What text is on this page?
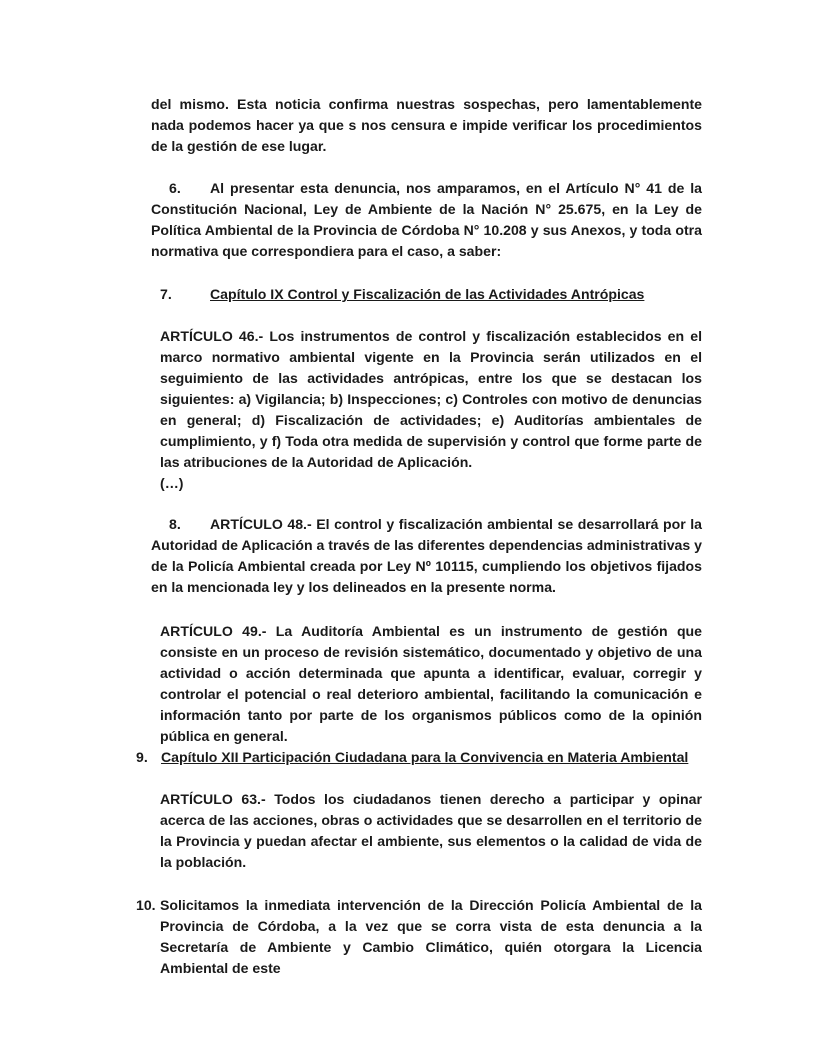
del mismo. Esta noticia confirma nuestras sospechas, pero lamentablemente nada podemos hacer ya que s nos censura e impide verificar los procedimientos de la gestión de ese lugar.

6. Al presentar esta denuncia, nos amparamos, en el Artículo N° 41 de la Constitución Nacional, Ley de Ambiente de la Nación N° 25.675, en la Ley de Política Ambiental de la Provincia de Córdoba N° 10.208 y sus Anexos, y toda otra normativa que correspondiera para el caso, a saber:
7.	Capítulo IX Control y Fiscalización de las Actividades Antrópicas

ARTÍCULO 46.- Los instrumentos de control y fiscalización establecidos en el marco normativo ambiental vigente en la Provincia serán utilizados en el seguimiento de las actividades antrópicas, entre los que se destacan los siguientes: a) Vigilancia; b) Inspecciones; c) Controles con motivo de denuncias en general; d) Fiscalización de actividades; e) Auditorías ambientales de cumplimiento, y f) Toda otra medida de supervisión y control que forme parte de las atribuciones de la Autoridad de Aplicación.

(…)
8. ARTÍCULO 48.- El control y fiscalización ambiental se desarrollará por la Autoridad de Aplicación a través de las diferentes dependencias administrativas y de la Policía Ambiental creada por Ley Nº 10115, cumpliendo los objetivos fijados en la mencionada ley y los delineados en la presente norma.

ARTÍCULO 49.- La Auditoría Ambiental es un instrumento de gestión que consiste en un proceso de revisión sistemático, documentado y objetivo de una actividad o acción determinada que apunta a identificar, evaluar, corregir y controlar el potencial o real deterioro ambiental, facilitando la comunicación e información tanto por parte de los organismos públicos como de la opinión pública en general.

9. Capítulo XII Participación Ciudadana para la Convivencia en Materia Ambiental

ARTÍCULO 63.- Todos los ciudadanos tienen derecho a participar y opinar acerca de las acciones, obras o actividades que se desarrollen en el territorio de la Provincia y puedan afectar el ambiente, sus elementos o la calidad de vida de la población.

10. Solicitamos la inmediata intervención de la Dirección Policía Ambiental de la Provincia de Córdoba, a la vez que se corra vista de esta denuncia a la Secretaría de Ambiente y Cambio Climático, quién otorgara la Licencia Ambiental de este
